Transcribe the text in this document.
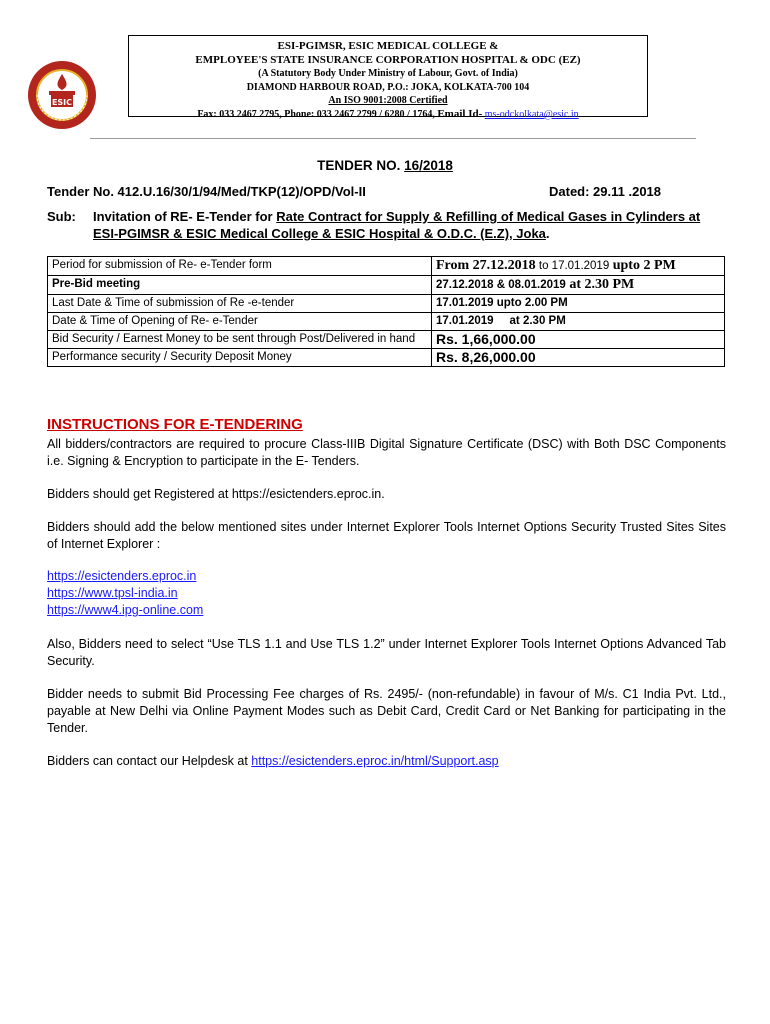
ESIC
ESI-PGIMSR, ESIC MEDICAL COLLEGE &
EMPLOYEE'S STATE INSURANCE CORPORATION HOSPITAL & ODC (EZ)
(A Statutory Body Under Ministry of Labour, Govt. of India)
DIAMOND HARBOUR ROAD, P.O.: JOKA, KOLKATA-700 104
An ISO 9001:2008 Certified
Fax: 033 2467 2795, Phone: 033 2467 2799 / 6280 / 1764, Email Id- ms-odckolkata@esic.in
TENDER NO. 16/2018
Tender No. 412.U.16/30/1/94/Med/TKP(12)/OPD/Vol-II	Dated: 29.11 .2018
Sub: Invitation of RE- E-Tender for Rate Contract for Supply & Refilling of Medical Gases in Cylinders at ESI-PGIMSR & ESIC Medical College & ESIC Hospital & O.D.C. (E.Z), Joka.
Period for submission of Re- e-Tender form	From 27.12.2018 to 17.01.2019 upto 2 PM
Pre-Bid meeting	27.12.2018 & 08.01.2019 at 2.30 PM
Last Date & Time of submission of Re -e-tender	17.01.2019 upto 2.00 PM
Date & Time of Opening of Re- e-Tender	17.01.2019     at 2.30 PM
Bid Security / Earnest Money to be sent through Post/Delivered in hand	Rs. 1,66,000.00
Performance security / Security Deposit Money	Rs. 8,26,000.00
INSTRUCTIONS FOR E-TENDERING
All bidders/contractors are required to procure Class-IIIB Digital Signature Certificate (DSC) with Both DSC Components i.e. Signing & Encryption to participate in the E- Tenders.
Bidders should get Registered at https://esictenders.eproc.in.
Bidders should add the below mentioned sites under Internet Explorer Tools Internet Options Security Trusted Sites Sites of Internet Explorer :
https://esictenders.eproc.in
https://www.tpsl-india.in
https://www4.ipg-online.com
Also, Bidders need to select “Use TLS 1.1 and Use TLS 1.2” under Internet Explorer Tools Internet Options Advanced Tab Security.
Bidder needs to submit Bid Processing Fee charges of Rs. 2495/- (non-refundable) in favour of M/s. C1 India Pvt. Ltd., payable at New Delhi via Online Payment Modes such as Debit Card, Credit Card or Net Banking for participating in the Tender.
Bidders can contact our Helpdesk at https://esictenders.eproc.in/html/Support.asp
